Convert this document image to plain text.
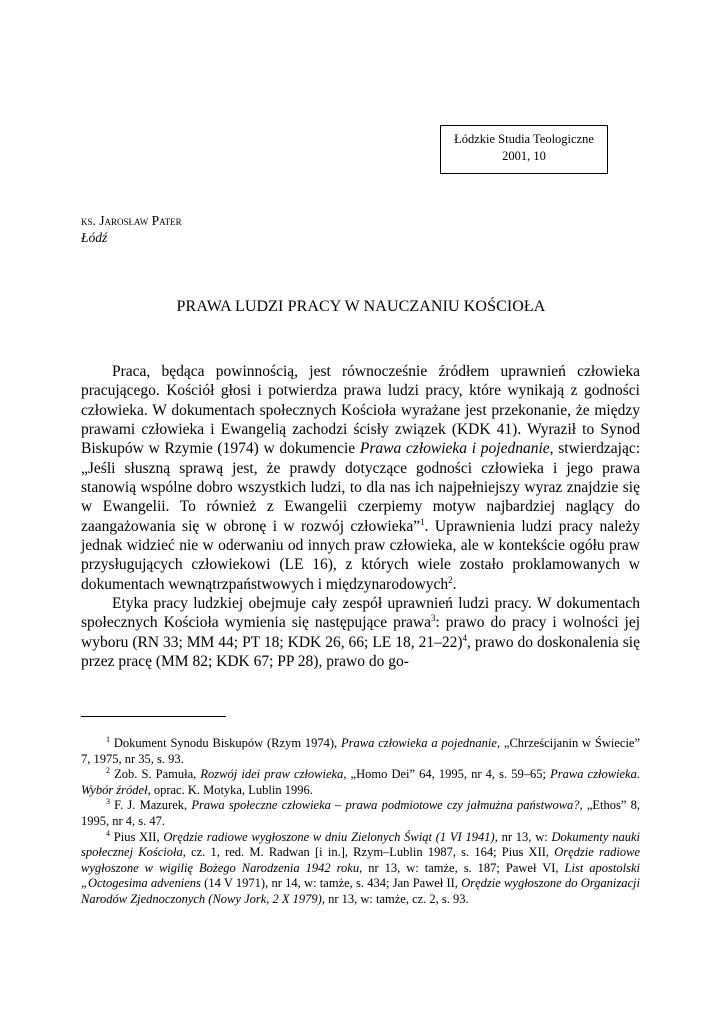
Łódzkie Studia Teologiczne
2001, 10
ks. Jarosław Pater
Łódź
PRAWA LUDZI PRACY W NAUCZANIU KOŚCIOŁA

Praca, będąca powinnością, jest równocześnie źródłem uprawnień człowieka pracującego. Kościół głosi i potwierdza prawa ludzi pracy, które wynikają z godności człowieka. W dokumentach społecznych Kościoła wyrażane jest przekonanie, że między prawami człowieka i Ewangelią zachodzi ścisły związek (KDK 41). Wyraził to Synod Biskupów w Rzymie (1974) w dokumencie Prawa człowieka i pojednanie, stwierdzając: „Jeśli słuszną sprawą jest, że prawdy dotyczące godności człowieka i jego prawa stanowią wspólne dobro wszystkich ludzi, to dla nas ich najpełniejszy wyraz znajdzie się w Ewangelii. To również z Ewangelii czerpiemy motyw najbardziej naglący do zaangażowania się w obronę i w rozwój człowieka”$^1$. Uprawnienia ludzi pracy należy jednak widzieć nie w oderwaniu od innych praw człowieka, ale w kontekście ogółu praw przysługujących człowiekowi (LE 16), z których wiele zostało proklamowanych w dokumentach wewnątrzpaństwowych i międzynarodowych$^2$.

Etyka pracy ludzkiej obejmuje cały zespół uprawnień ludzi pracy. W dokumentach społecznych Kościoła wymienia się następujące prawa$^3$: prawo do pracy i wolności jej wyboru (RN 33; MM 44; PT 18; KDK 26, 66; LE 18, 21–22)$^4$, prawo do doskonalenia się przez pracę (MM 82; KDK 67; PP 28), prawo do go-

$^1$ Dokument Synodu Biskupów (Rzym 1974), Prawa człowieka a pojednanie, „Chrześcijanin w Świecie” 7, 1975, nr 35, s. 93.

$^2$ Zob. S. Pamuła, Rozwój idei praw człowieka, „Homo Dei” 64, 1995, nr 4, s. 59–65; Prawa człowieka. Wybór źródeł, oprac. K. Motyka, Lublin 1996.

$^3$ F. J. Mazurek, Prawa społeczne człowieka – prawa podmiotowe czy jałmużna państwowa?, „Ethos” 8, 1995, nr 4, s. 47.

$^4$ Pius XII, Orędzie radiowe wygłoszone w dniu Zielonych Świąt (1 VI 1941), nr 13, w: Dokumenty nauki społecznej Kościoła, cz. 1, red. M. Radwan [i in.], Rzym–Lublin 1987, s. 164; Pius XII, Orędzie radiowe wygłoszone w wigilię Bożego Narodzenia 1942 roku, nr 13, w: tamże, s. 187; Paweł VI, List apostolski „Octogesima adveniens (14 V 1971), nr 14, w: tamże, s. 434; Jan Paweł II, Orędzie wygłoszone do Organizacji Narodów Zjednoczonych (Nowy Jork, 2 X 1979), nr 13, w: tamże, cz. 2, s. 93.
